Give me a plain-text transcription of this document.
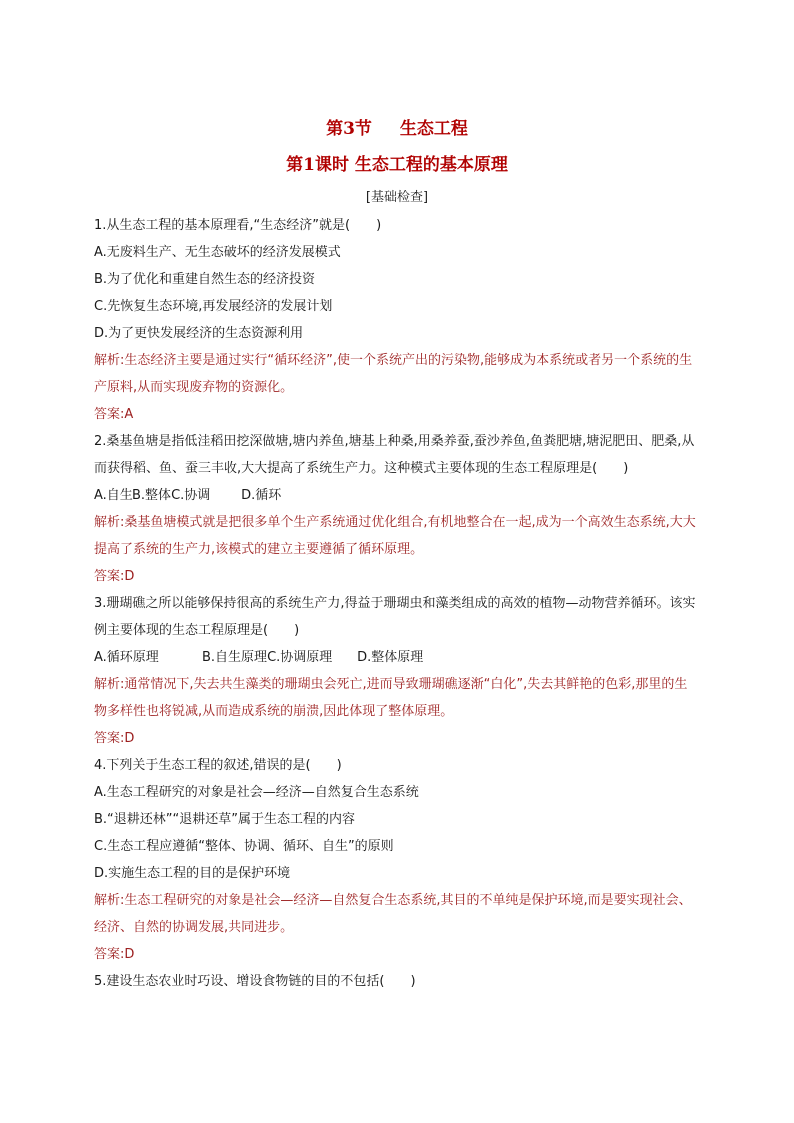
第3节 生态工程
第1课时 生态工程的基本原理
[基础检查]
1.从生态工程的基本原理看,“生态经济”就是(　　)
A.无废料生产、无生态破坏的经济发展模式
B.为了优化和重建自然生态的经济投资
C.先恢复生态环境,再发展经济的发展计划
D.为了更快发展经济的生态资源利用
解析:生态经济主要是通过实行“循环经济”,使一个系统产出的污染物,能够成为本系统或者另一个系统的生产原料,从而实现废弃物的资源化。
答案:A
2.桑基鱼塘是指低洼稻田挖深做塘,塘内养鱼,塘基上种桑,用桑养蚕,蚕沙养鱼,鱼粪肥塘,塘泥肥田、肥桑,从而获得稻、鱼、蚕三丰收,大大提高了系统生产力。这种模式主要体现的生态工程原理是(　　)
A.自生B.整体C.协调 D.循环
解析:桑基鱼塘模式就是把很多单个生产系统通过优化组合,有机地整合在一起,成为一个高效生态系统,大大提高了系统的生产力,该模式的建立主要遵循了循环原理。
答案:D
3.珊瑚礁之所以能够保持很高的系统生产力,得益于珊瑚虫和藻类组成的高效的植物—动物营养循环。该实例主要体现的生态工程原理是(　　)
A.循环原理	B.自生原理C.协调原理 D.整体原理
解析:通常情况下,失去共生藻类的珊瑚虫会死亡,进而导致珊瑚礁逐渐“白化”,失去其鲜艳的色彩,那里的生物多样性也将锐减,从而造成系统的崩溃,因此体现了整体原理。
答案:D
4.下列关于生态工程的叙述,错误的是(　　)
A.生态工程研究的对象是社会—经济—自然复合生态系统
B.“退耕还林”“退耕还草”属于生态工程的内容
C.生态工程应遵循“整体、协调、循环、自生”的原则
D.实施生态工程的目的是保护环境
解析:生态工程研究的对象是社会—经济—自然复合生态系统,其目的不单纯是保护环境,而是要实现社会、经济、自然的协调发展,共同进步。
答案:D
5.建设生态农业时巧设、增设食物链的目的不包括(　　)
